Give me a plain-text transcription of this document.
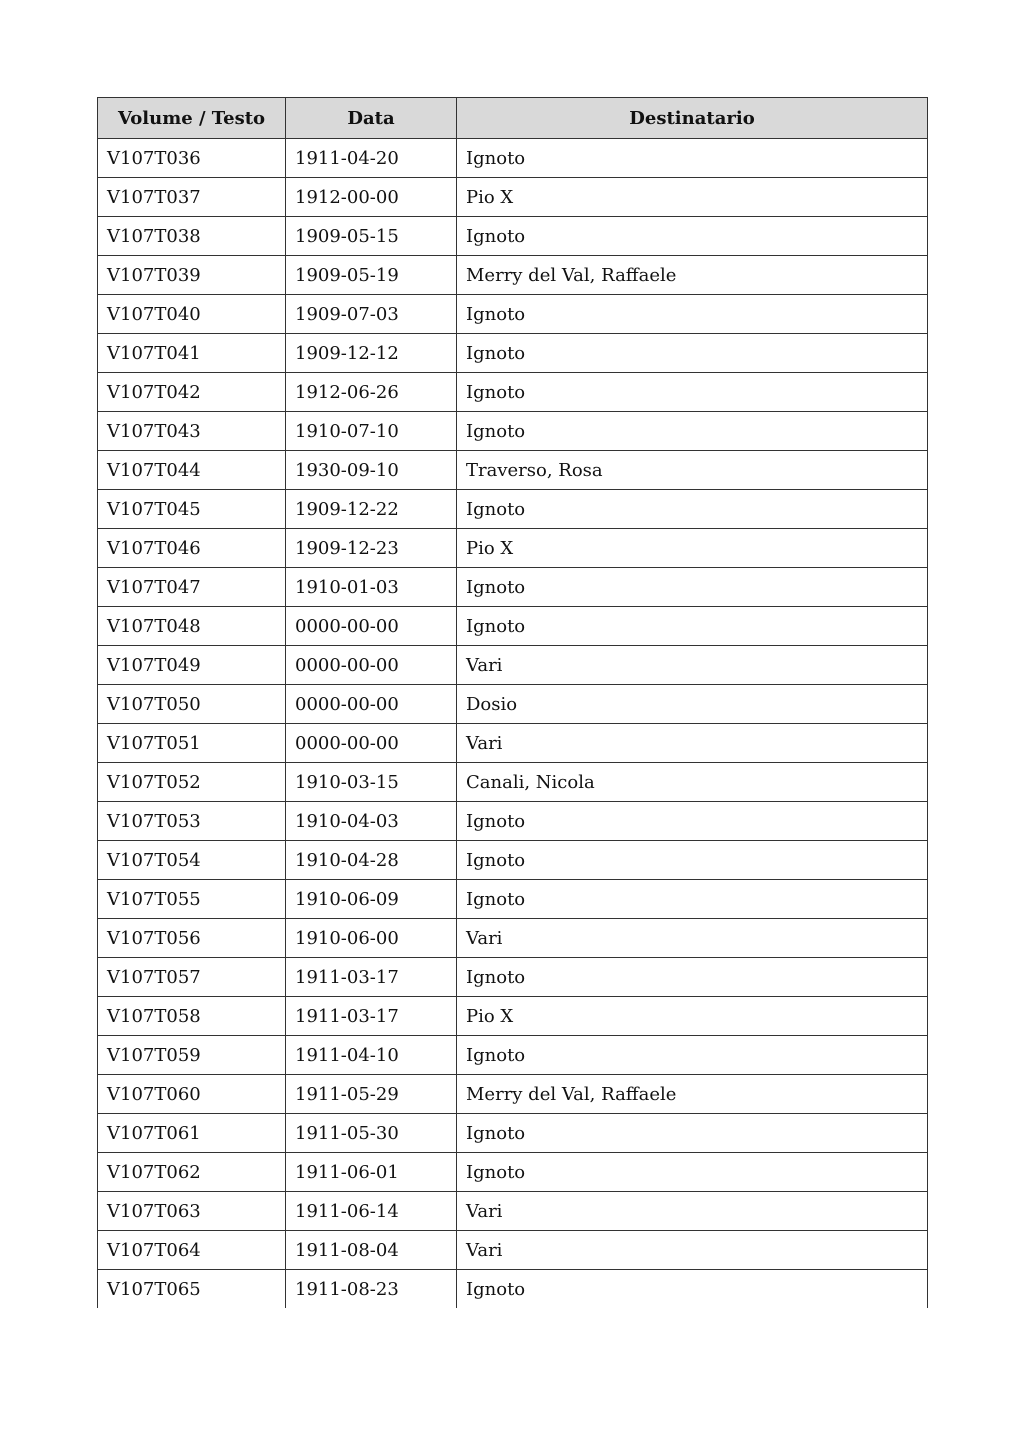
Volume / Testo	Data	Destinatario
V107T036	1911-04-20	Ignoto
V107T037	1912-00-00	Pio X
V107T038	1909-05-15	Ignoto
V107T039	1909-05-19	Merry del Val, Raffaele
V107T040	1909-07-03	Ignoto
V107T041	1909-12-12	Ignoto
V107T042	1912-06-26	Ignoto
V107T043	1910-07-10	Ignoto
V107T044	1930-09-10	Traverso, Rosa
V107T045	1909-12-22	Ignoto
V107T046	1909-12-23	Pio X
V107T047	1910-01-03	Ignoto
V107T048	0000-00-00	Ignoto
V107T049	0000-00-00	Vari
V107T050	0000-00-00	Dosio
V107T051	0000-00-00	Vari
V107T052	1910-03-15	Canali, Nicola
V107T053	1910-04-03	Ignoto
V107T054	1910-04-28	Ignoto
V107T055	1910-06-09	Ignoto
V107T056	1910-06-00	Vari
V107T057	1911-03-17	Ignoto
V107T058	1911-03-17	Pio X
V107T059	1911-04-10	Ignoto
V107T060	1911-05-29	Merry del Val, Raffaele
V107T061	1911-05-30	Ignoto
V107T062	1911-06-01	Ignoto
V107T063	1911-06-14	Vari
V107T064	1911-08-04	Vari
V107T065	1911-08-23	Ignoto
